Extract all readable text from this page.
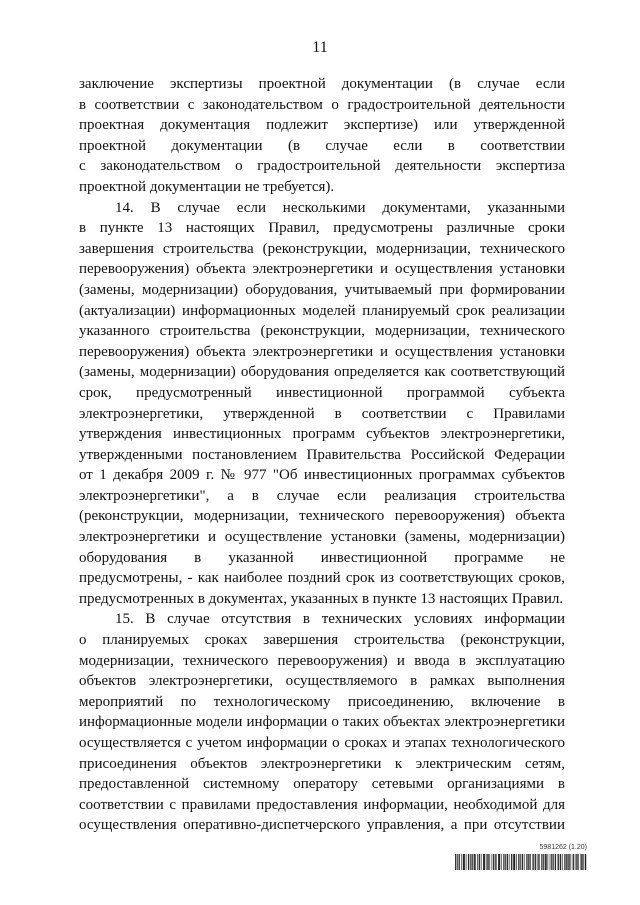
11
заключение экспертизы проектной документации (в случае если
в соответствии с законодательством о градостроительной деятельности
проектная документация подлежит экспертизе) или утвержденной
проектной документации (в случае если в соответствии
с законодательством о градостроительной деятельности экспертиза
проектной документации не требуется).
14. В случае если несколькими документами, указанными
в пункте 13 настоящих Правил, предусмотрены различные сроки
завершения строительства (реконструкции, модернизации, технического
перевооружения) объекта электроэнергетики и осуществления установки
(замены, модернизации) оборудования, учитываемый при формировании
(актуализации) информационных моделей планируемый срок реализации
указанного строительства (реконструкции, модернизации, технического
перевооружения) объекта электроэнергетики и осуществления установки
(замены, модернизации) оборудования определяется как соответствующий
срок, предусмотренный инвестиционной программой субъекта
электроэнергетики, утвержденной в соответствии с Правилами
утверждения инвестиционных программ субъектов электроэнергетики,
утвержденными постановлением Правительства Российской Федерации
от 1 декабря 2009 г. № 977 "Об инвестиционных программах субъектов
электроэнергетики", а в случае если реализация строительства
(реконструкции, модернизации, технического перевооружения) объекта
электроэнергетики и осуществление установки (замены, модернизации)
оборудования в указанной инвестиционной программе не
предусмотрены, - как наиболее поздний срок из соответствующих сроков,
предусмотренных в документах, указанных в пункте 13 настоящих Правил.
15. В случае отсутствия в технических условиях информации
о планируемых сроках завершения строительства (реконструкции,
модернизации, технического перевооружения) и ввода в эксплуатацию
объектов электроэнергетики, осуществляемого в рамках выполнения
мероприятий по технологическому присоединению, включение в
информационные модели информации о таких объектах электроэнергетики
осуществляется с учетом информации о сроках и этапах технологического
присоединения объектов электроэнергетики к электрическим сетям,
предоставленной системному оператору сетевыми организациями в
соответствии с правилами предоставления информации, необходимой для
осуществления оперативно-диспетчерского управления, а при отсутствии
5981262 (1.20)
